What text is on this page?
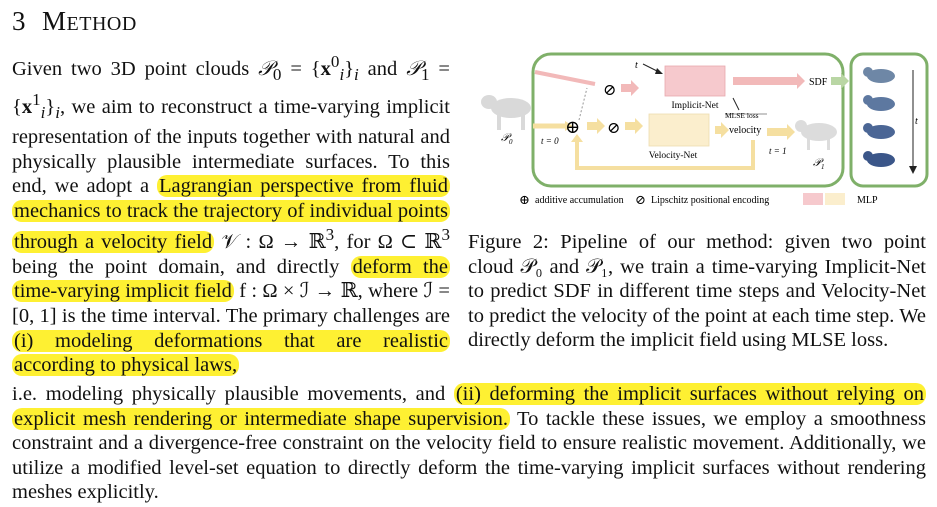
3 METHOD
Given two 3D point clouds 𝒫$_0$ = $\{x^0_i\}_i$ and 𝒫$_1$ = $\{x^1_i\}_i$, we aim to reconstruct a time-varying implicit representation of the inputs together with natural and physically plausible intermediate surfaces. To this end, we adopt a Lagrangian perspective from fluid mechanics to track the trajectory of individual points through a velocity field 𝒱 : Ω → ℝ$^3$, for Ω ⊂ ℝ$^3$ being the point domain, and directly deform the time-varying implicit field f : Ω × ℐ → ℝ, where ℐ = [0, 1] is the time interval. The primary challenges are (i) modeling deformations that are realistic according to physical laws,
i.e. modeling physically plausible movements, and (ii) deforming the implicit surfaces without relying on explicit mesh rendering or intermediate shape supervision. To tackle these issues, we employ a smoothness constraint and a divergence-free constraint on the velocity field to ensure realistic movement. Additionally, we utilize a modified level-set equation to directly deform the time-varying implicit surfaces without rendering meshes explicitly.
𝒫$_0$	t = 0
⊕ ⊘
⊘
t
Implicit-Net
SDF
MLSE loss
Velocity-Net
velocity
t = 1
𝒫$_1$
t
⊕ additive accumulation ⊘ Lipschitz positional encoding	MLP
Figure 2: Pipeline of our method: given two point cloud 𝒫₀ and 𝒫₁, we train a time-varying Implicit-Net to predict SDF in different time steps and Velocity-Net to predict the velocity of the point at each time step. We directly deform the implicit field using MLSE loss.
